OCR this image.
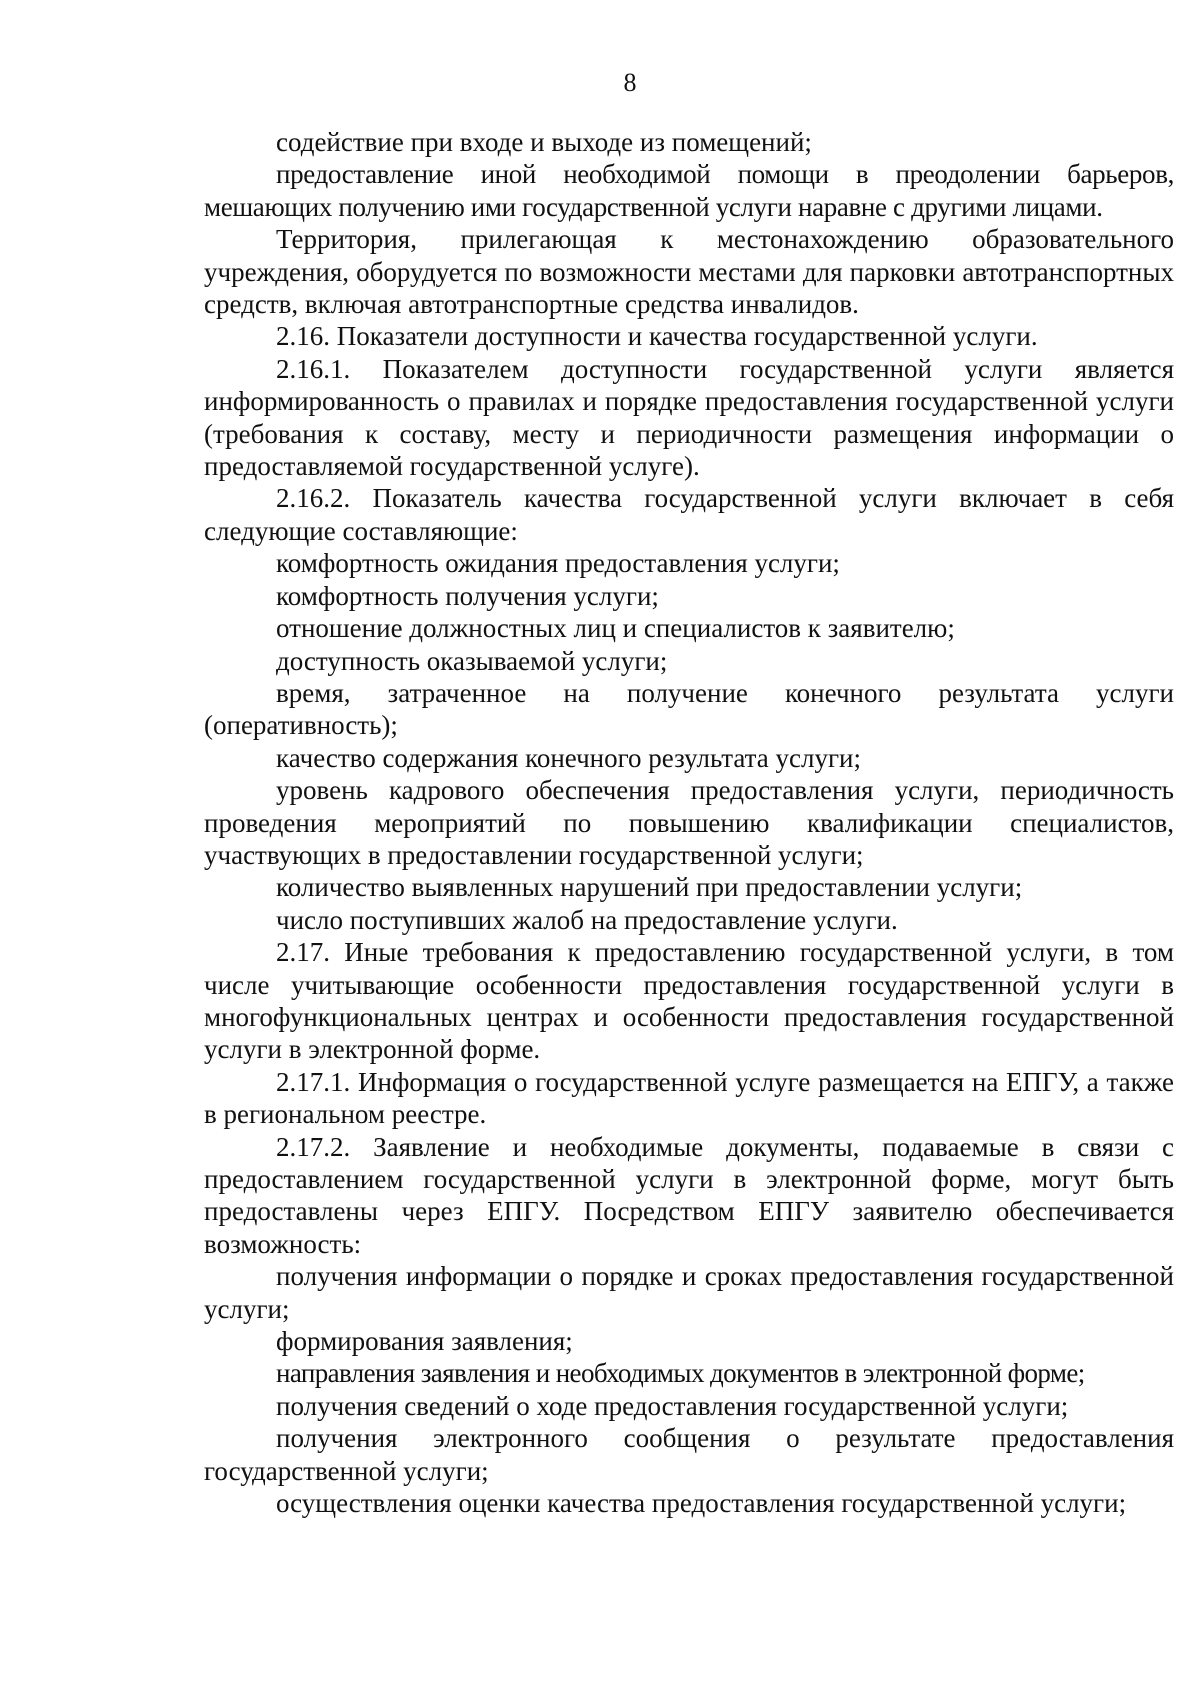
8

содействие при входе и выходе из помещений;

предоставление иной необходимой помощи в преодолении барьеров, мешающих получению ими государственной услуги наравне с другими лицами.

Территория, прилегающая к местонахождению образовательного учреждения, оборудуется по возможности местами для парковки автотранспортных средств, включая автотранспортные средства инвалидов.

2.16. Показатели доступности и качества государственной услуги.

2.16.1. Показателем доступности государственной услуги является информированность о правилах и порядке предоставления государственной услуги (требования к составу, месту и периодичности размещения информации о предоставляемой государственной услуге).

2.16.2. Показатель качества государственной услуги включает в себя следующие составляющие:

комфортность ожидания предоставления услуги;

комфортность получения услуги;

отношение должностных лиц и специалистов к заявителю;

доступность оказываемой услуги;

время, затраченное на получение конечного результата услуги (оперативность);

качество содержания конечного результата услуги;

уровень кадрового обеспечения предоставления услуги, периодичность проведения мероприятий по повышению квалификации специалистов, участвующих в предоставлении государственной услуги;

количество выявленных нарушений при предоставлении услуги;

число поступивших жалоб на предоставление услуги.

2.17. Иные требования к предоставлению государственной услуги, в том числе учитывающие особенности предоставления государственной услуги в многофункциональных центрах и особенности предоставления государственной услуги в электронной форме.

2.17.1. Информация о государственной услуге размещается на ЕПГУ, а также в региональном реестре.

2.17.2. Заявление и необходимые документы, подаваемые в связи с предоставлением государственной услуги в электронной форме, могут быть предоставлены через ЕПГУ. Посредством ЕПГУ заявителю обеспечивается возможность:

получения информации о порядке и сроках предоставления государственной услуги;

формирования заявления;

направления заявления и необходимых документов в электронной форме;

получения сведений о ходе предоставления государственной услуги;

получения электронного сообщения о результате предоставления государственной услуги;

осуществления оценки качества предоставления государственной услуги;
